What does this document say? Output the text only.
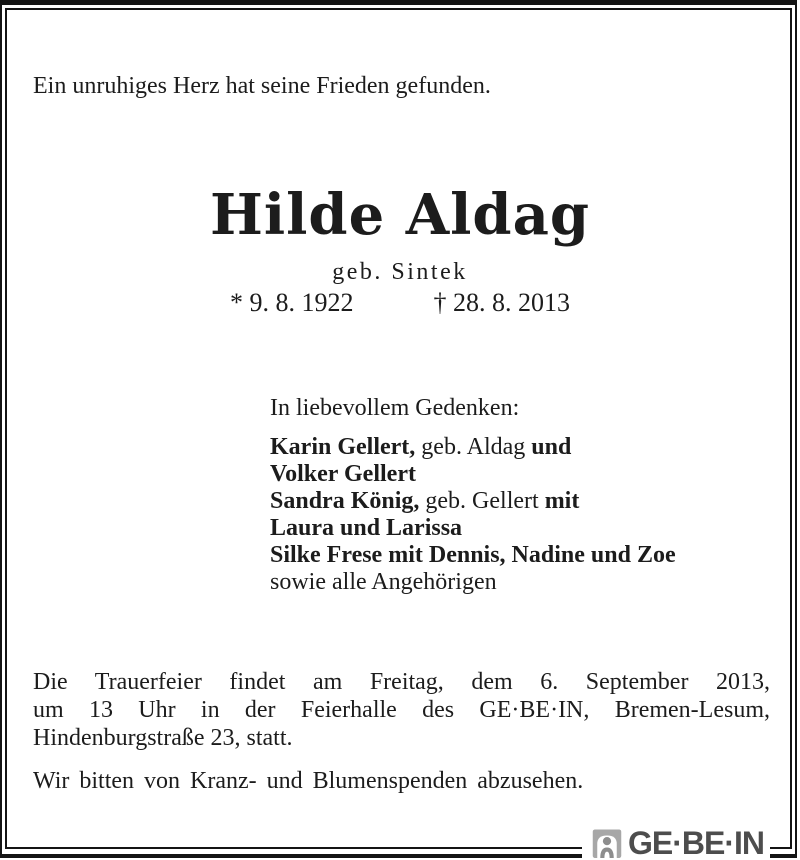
Ein unruhiges Herz hat seine Frieden gefunden.
Hilde Aldag
geb. Sintek
* 9. 8. 1922	† 28. 8. 2013
In liebevollem Gedenken:
Karin Gellert, geb. Aldag und
Volker Gellert
Sandra König, geb. Gellert mit
Laura und Larissa
Silke Frese mit Dennis, Nadine und Zoe
sowie alle Angehörigen
Die Trauerfeier findet am Freitag, dem 6. September 2013,
um 13 Uhr in der Feierhalle des GE·BE·IN, Bremen-Lesum,
Hindenburgstraße 23, statt.
Wir bitten von Kranz- und Blumenspenden abzusehen.
GE·BE·IN
